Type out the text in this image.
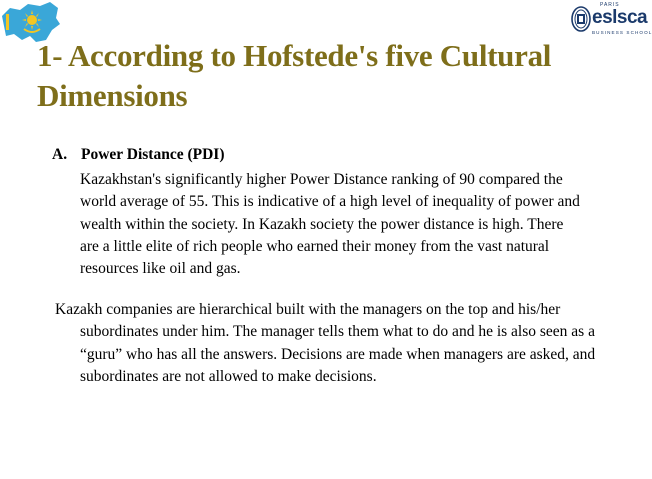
PARIS
eslsca
BUSINESS SCHOOL
1- According to Hofstede's five Cultural Dimensions
A. Power Distance (PDI)

Kazakhstan's significantly higher Power Distance ranking of 90 compared the world average of 55. This is indicative of a high level of inequality of power and wealth within the society. In Kazakh society the power distance is high. There are a little elite of rich people who earned their money from the vast natural resources like oil and gas.

Kazakh companies are hierarchical built with the managers on the top and his/her subordinates under him. The manager tells them what to do and he is also seen as a “guru” who has all the answers. Decisions are made when managers are asked, and subordinates are not allowed to make decisions.
